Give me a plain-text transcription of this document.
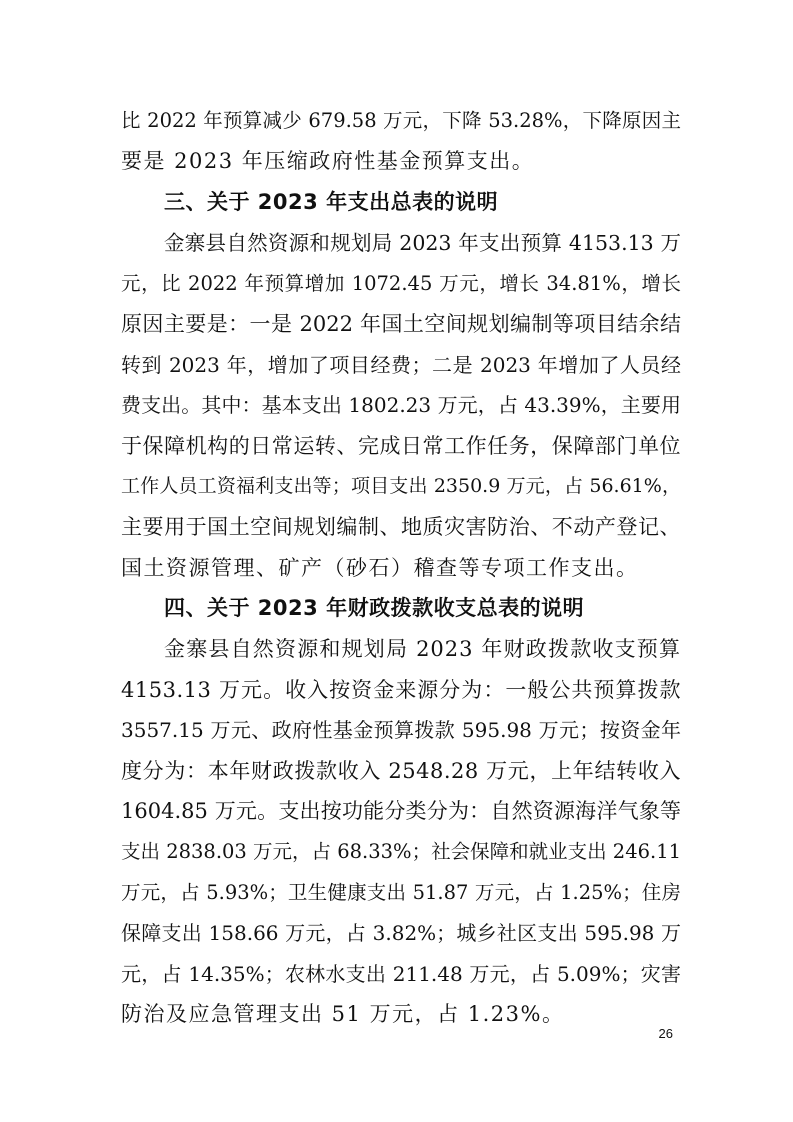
比 2022 年预算减少 679.58 万元，下降 53.28%，下降原因主
要是 2023 年压缩政府性基金预算支出。
三、关于 2023 年支出总表的说明
金寨县自然资源和规划局 2023 年支出预算 4153.13 万
元，比 2022 年预算增加 1072.45 万元，增长 34.81%，增长
原因主要是：一是 2022 年国土空间规划编制等项目结余结
转到 2023 年，增加了项目经费；二是 2023 年增加了人员经
费支出。其中：基本支出 1802.23 万元，占 43.39%，主要用
于保障机构的日常运转、完成日常工作任务，保障部门单位
工作人员工资福利支出等；项目支出 2350.9 万元，占 56.61%，
主要用于国土空间规划编制、地质灾害防治、不动产登记、
国土资源管理、矿产（砂石）稽查等专项工作支出。
四、关于 2023 年财政拨款收支总表的说明
金寨县自然资源和规划局 2023 年财政拨款收支预算
4153.13 万元。收入按资金来源分为：一般公共预算拨款
3557.15 万元、政府性基金预算拨款 595.98 万元；按资金年
度分为：本年财政拨款收入 2548.28 万元，上年结转收入
1604.85 万元。支出按功能分类分为：自然资源海洋气象等
支出 2838.03 万元，占 68.33%；社会保障和就业支出 246.11
万元，占 5.93%；卫生健康支出 51.87 万元，占 1.25%；住房
保障支出 158.66 万元，占 3.82%；城乡社区支出 595.98 万
元，占 14.35%；农林水支出 211.48 万元，占 5.09%；灾害
防治及应急管理支出 51 万元，占 1.23%。
26
